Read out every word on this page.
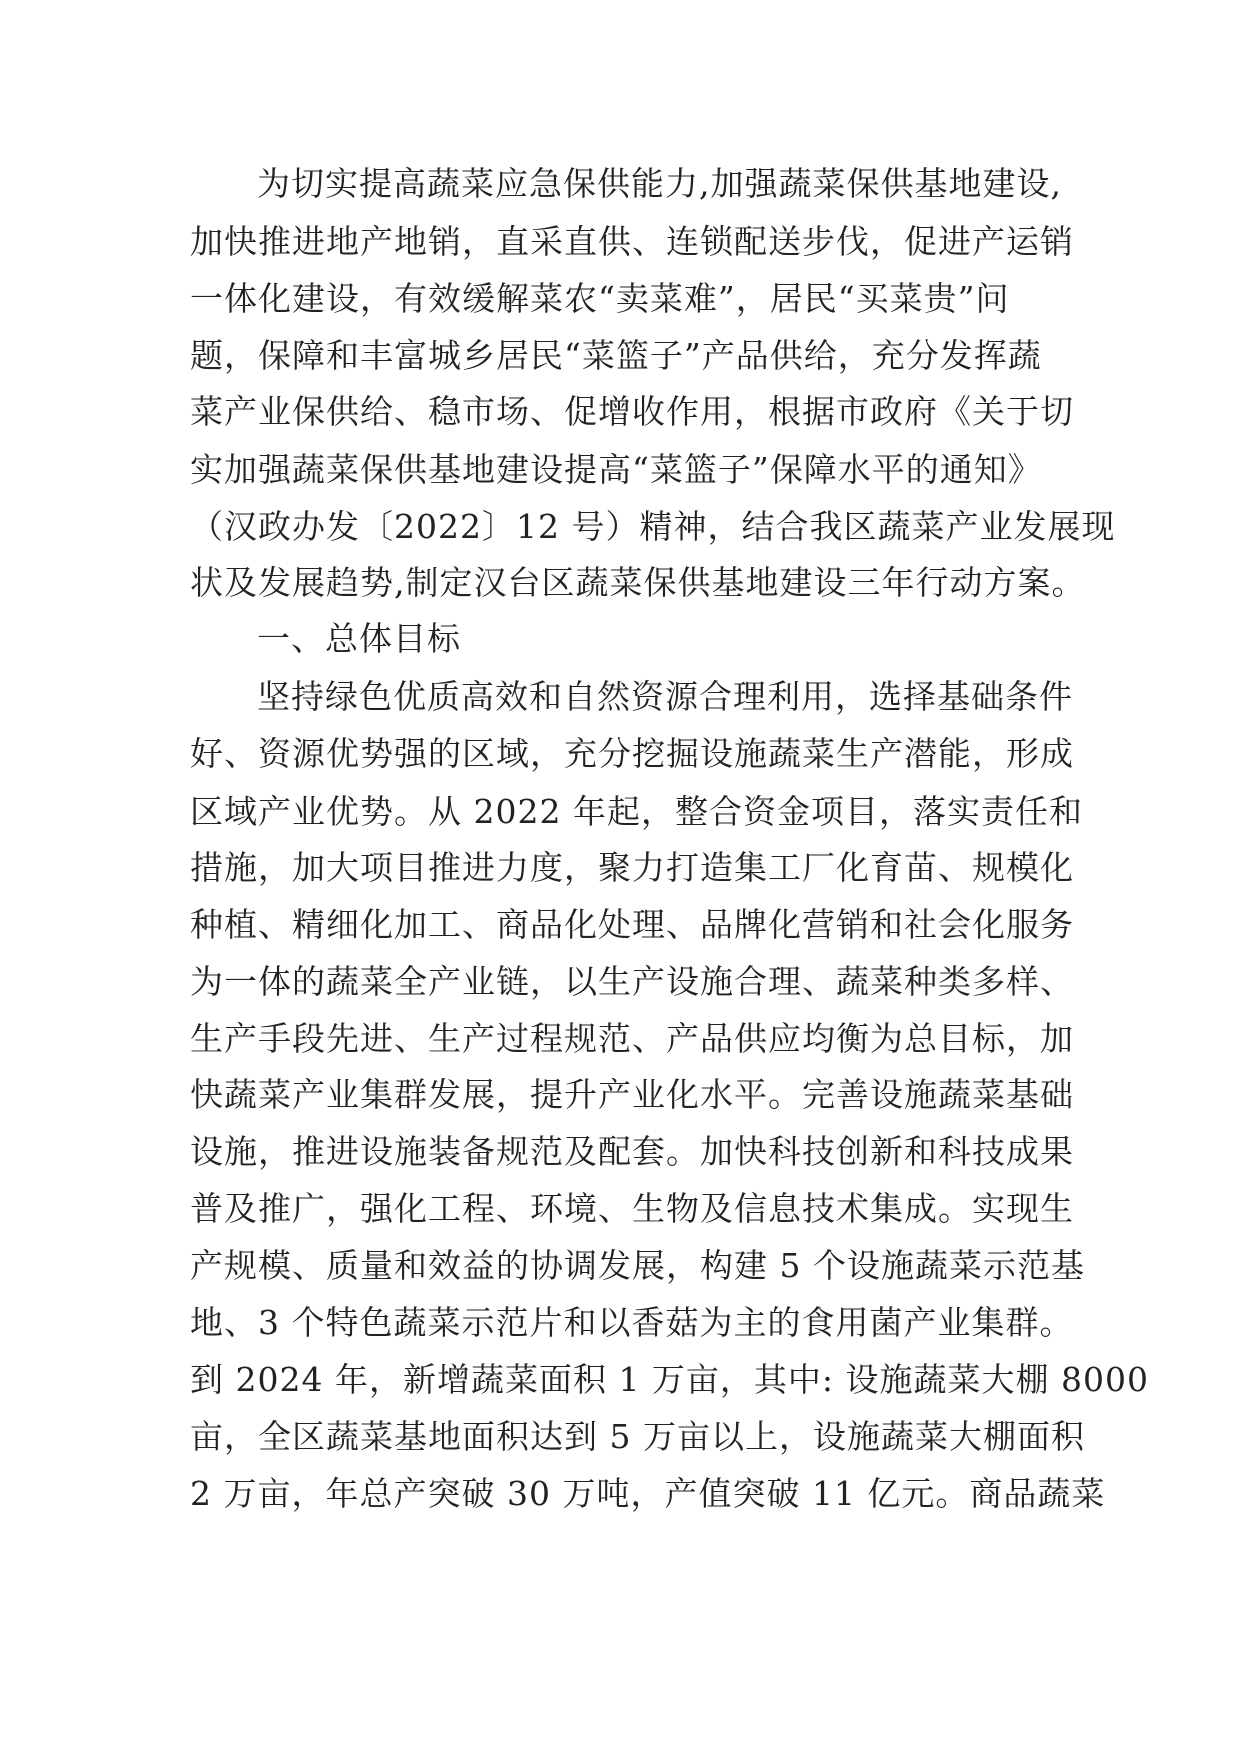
为切实提高蔬菜应急保供能力,加强蔬菜保供基地建设,
加快推进地产地销，直采直供、连锁配送步伐，促进产运销
一体化建设，有效缓解菜农“卖菜难”，居民“买菜贵”问
题，保障和丰富城乡居民“菜篮子”产品供给，充分发挥蔬
菜产业保供给、稳市场、促增收作用，根据市政府《关于切
实加强蔬菜保供基地建设提高“菜篮子”保障水平的通知》
（汉政办发〔2022〕12 号）精神，结合我区蔬菜产业发展现
状及发展趋势,制定汉台区蔬菜保供基地建设三年行动方案。
一、总体目标
坚持绿色优质高效和自然资源合理利用，选择基础条件
好、资源优势强的区域，充分挖掘设施蔬菜生产潜能，形成
区域产业优势。从 2022 年起，整合资金项目，落实责任和
措施，加大项目推进力度，聚力打造集工厂化育苗、规模化
种植、精细化加工、商品化处理、品牌化营销和社会化服务
为一体的蔬菜全产业链，以生产设施合理、蔬菜种类多样、
生产手段先进、生产过程规范、产品供应均衡为总目标，加
快蔬菜产业集群发展，提升产业化水平。完善设施蔬菜基础
设施，推进设施装备规范及配套。加快科技创新和科技成果
普及推广，强化工程、环境、生物及信息技术集成。实现生
产规模、质量和效益的协调发展，构建 5 个设施蔬菜示范基
地、3 个特色蔬菜示范片和以香菇为主的食用菌产业集群。
到 2024 年，新增蔬菜面积 1 万亩，其中: 设施蔬菜大棚 8000
亩，全区蔬菜基地面积达到 5 万亩以上，设施蔬菜大棚面积
2 万亩，年总产突破 30 万吨，产值突破 11 亿元。商品蔬菜
